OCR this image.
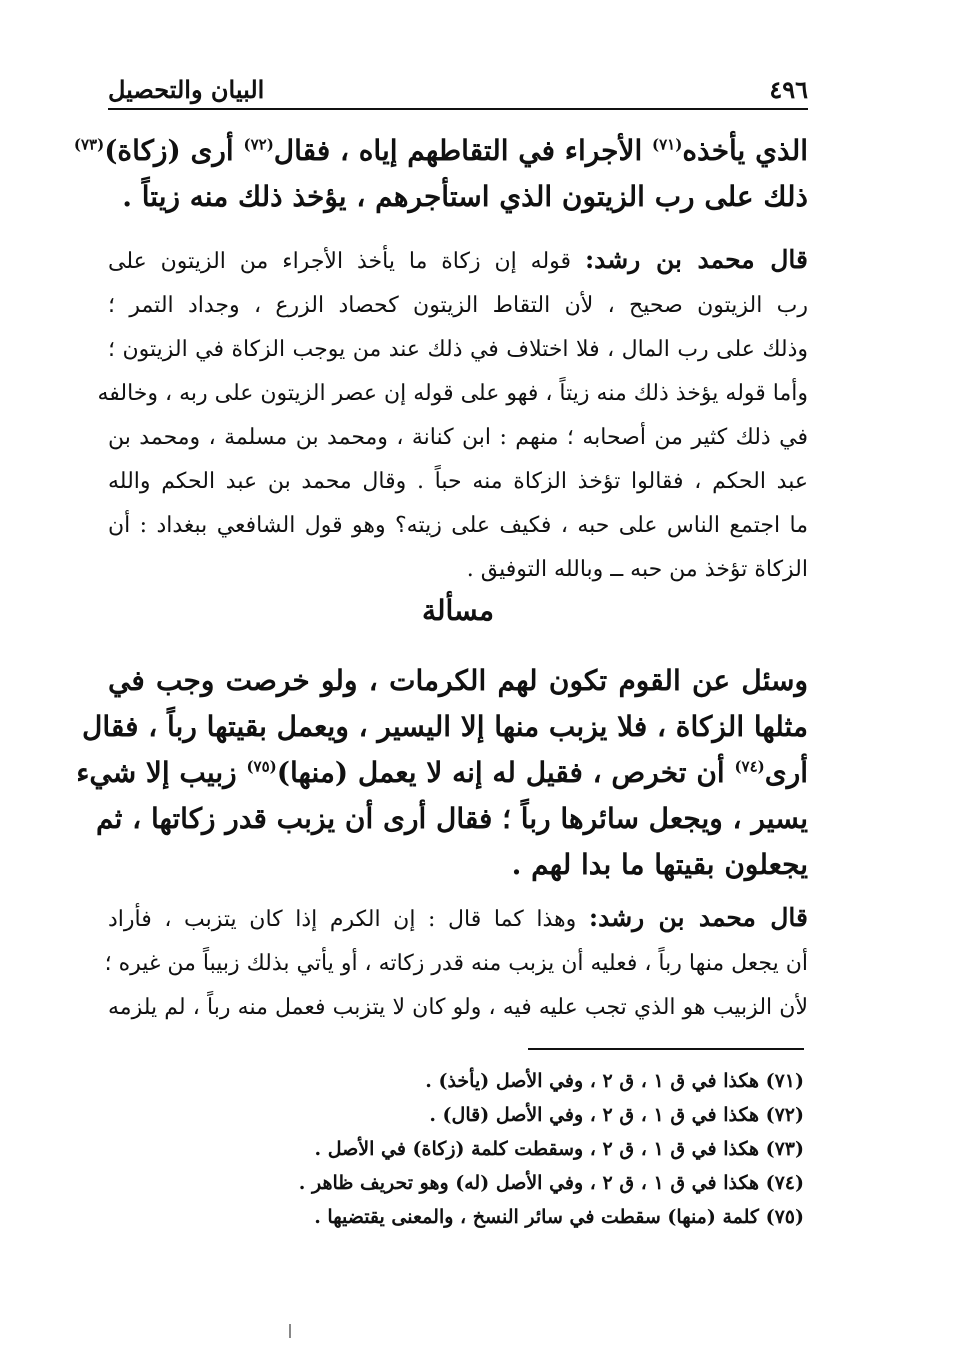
٤٩٦
البيان والتحصيل
الذي يأخذه$^{(٧١)}$ الأجراء في التقاطهم إياه ، فقال$^{(٧٢)}$ أرى (زكاة)$^{(٧٣)}$
ذلك على رب الزيتون الذي استأجرهم ، يؤخذ ذلك منه زيتاً .
قال محمد بن رشد: قوله إن زكاة ما يأخذ الأجراء من الزيتون على
رب الزيتون صحيح ، لأن التقاط الزيتون كحصاد الزرع ، وجداد التمر ؛
وذلك على رب المال ، فلا اختلاف في ذلك عند من يوجب الزكاة في الزيتون ؛
وأما قوله يؤخذ ذلك منه زيتاً ، فهو على قوله إن عصر الزيتون على ربه ، وخالفه
في ذلك كثير من أصحابه ؛ منهم : ابن كنانة ، ومحمد بن مسلمة ، ومحمد بن
عبد الحكم ، فقالوا تؤخذ الزكاة منه حباً . وقال محمد بن عبد الحكم والله
ما اجتمع الناس على حبه ، فكيف على زيته؟ وهو قول الشافعي ببغداد : أن
الزكاة تؤخذ من حبه ــ وبالله التوفيق .
مسألة
وسئل عن القوم تكون لهم الكرمات ، ولو خرصت وجب في
مثلها الزكاة ، فلا يزبب منها إلا اليسير ، ويعمل بقيتها رباً ، فقال
أرى$^{(٧٤)}$ أن تخرص ، فقيل له إنه لا يعمل (منها)$^{(٧٥)}$ زبيب إلا شيء
يسير ، ويجعل سائرها رباً ؛ فقال أرى أن يزبب قدر زكاتها ، ثم
يجعلون بقيتها ما بدا لهم .
قال محمد بن رشد: وهذا كما قال : إن الكرم إذا كان يتزبب ، فأراد
أن يجعل منها رباً ، فعليه أن يزبب منه قدر زكاته ، أو يأتي بذلك زبيباً من غيره ؛
لأن الزبيب هو الذي تجب عليه فيه ، ولو كان لا يتزبب فعمل منه رباً ، لم يلزمه
(٧١) هكذا في ق ١ ، ق ٢ ، وفي الأصل (يأخذ) .
(٧٢) هكذا في ق ١ ، ق ٢ ، وفي الأصل (قال) .
(٧٣) هكذا في ق ١ ، ق ٢ ، وسقطت كلمة (زكاة) في الأصل .
(٧٤) هكذا في ق ١ ، ق ٢ ، وفي الأصل (له) وهو تحريف ظاهر .
(٧٥) كلمة (منها) سقطت في سائر النسخ ، والمعنى يقتضيها .
